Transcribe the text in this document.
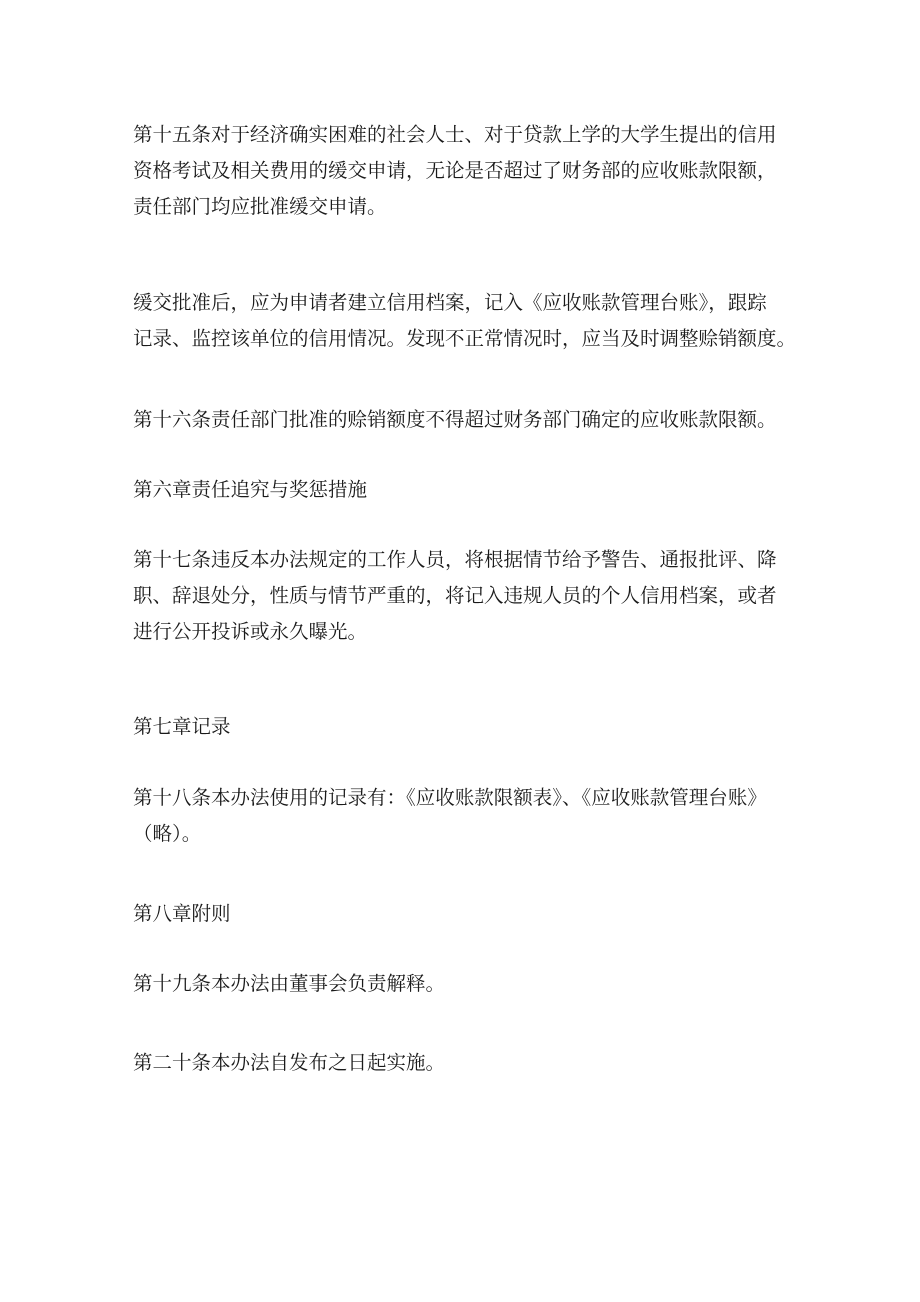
第十五条对于经济确实困难的社会人士、对于贷款上学的大学生提出的信用
资格考试及相关费用的缓交申请，无论是否超过了财务部的应收账款限额，
责任部门均应批准缓交申请。

缓交批准后，应为申请者建立信用档案，记入《应收账款管理台账》，跟踪
记录、监控该单位的信用情况。发现不正常情况时，应当及时调整赊销额度。

第十六条责任部门批准的赊销额度不得超过财务部门确定的应收账款限额。

第六章责任追究与奖惩措施

第十七条违反本办法规定的工作人员，将根据情节给予警告、通报批评、降
职、辞退处分，性质与情节严重的，将记入违规人员的个人信用档案，或者
进行公开投诉或永久曝光。

第七章记录

第十八条本办法使用的记录有：《应收账款限额表》、《应收账款管理台账》
（略）。

第八章附则

第十九条本办法由董事会负责解释。

第二十条本办法自发布之日起实施。
